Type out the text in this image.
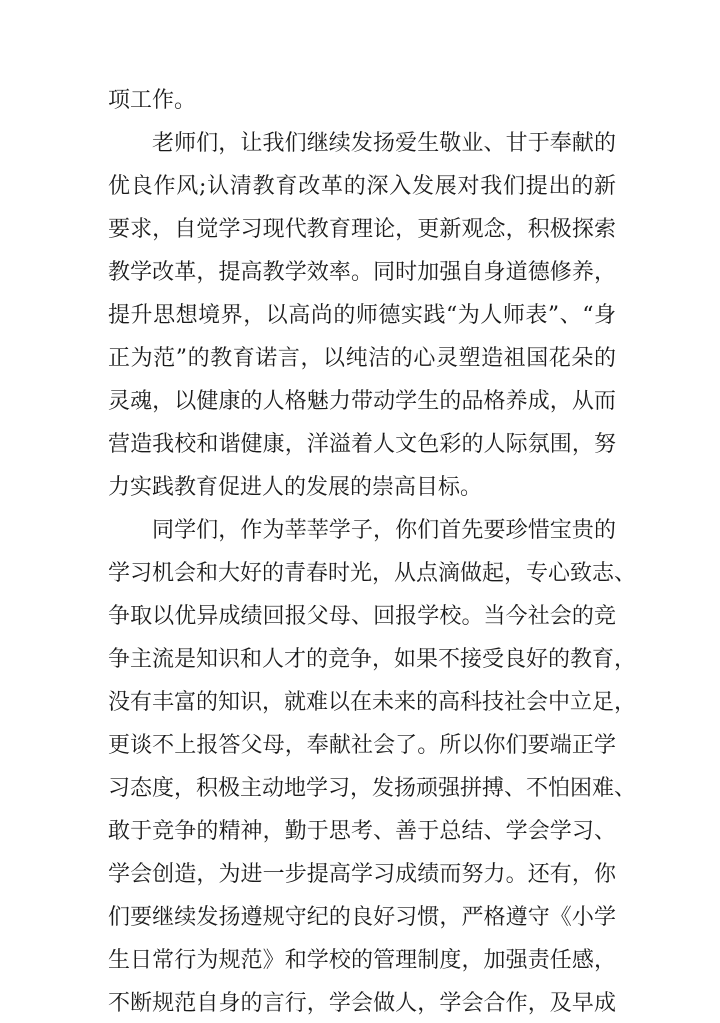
项工作。
老师们，让我们继续发扬爱生敬业、甘于奉献的
优良作风;认清教育改革的深入发展对我们提出的新
要求，自觉学习现代教育理论，更新观念，积极探索
教学改革，提高教学效率。同时加强自身道德修养，
提升思想境界，以高尚的师德实践“为人师表”、“身
正为范”的教育诺言，以纯洁的心灵塑造祖国花朵的
灵魂，以健康的人格魅力带动学生的品格养成，从而
营造我校和谐健康，洋溢着人文色彩的人际氛围，努
力实践教育促进人的发展的崇高目标。
同学们，作为莘莘学子，你们首先要珍惜宝贵的
学习机会和大好的青春时光，从点滴做起，专心致志、
争取以优异成绩回报父母、回报学校。当今社会的竞
争主流是知识和人才的竞争，如果不接受良好的教育，
没有丰富的知识，就难以在未来的高科技社会中立足，
更谈不上报答父母，奉献社会了。所以你们要端正学
习态度，积极主动地学习，发扬顽强拼搏、不怕困难、
敢于竞争的精神，勤于思考、善于总结、学会学习、
学会创造，为进一步提高学习成绩而努力。还有，你
们要继续发扬遵规守纪的良好习惯，严格遵守《小学
生日常行为规范》和学校的管理制度，加强责任感，
不断规范自身的言行，学会做人，学会合作，及早成
